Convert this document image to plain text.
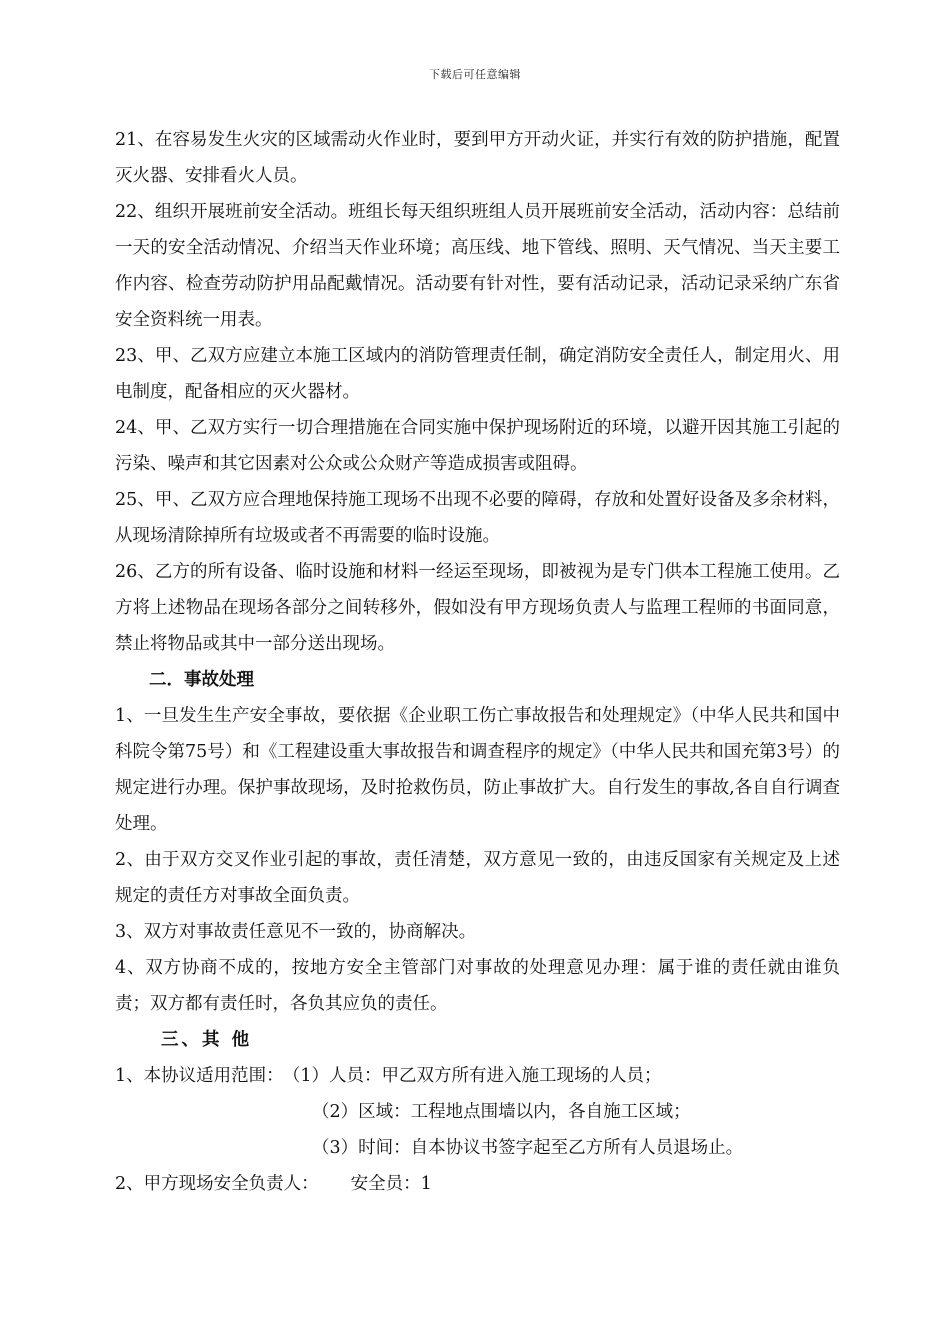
下载后可任意编辑

21、在容易发生火灾的区域需动火作业时，要到甲方开动火证，并实行有效的防护措施，配置灭火器、安排看火人员。

22、组织开展班前安全活动。班组长每天组织班组人员开展班前安全活动，活动内容：总结前一天的安全活动情况、介绍当天作业环境；高压线、地下管线、照明、天气情况、当天主要工作内容、检查劳动防护用品配戴情况。活动要有针对性，要有活动记录，活动记录采纳广东省安全资料统一用表。

23、甲、乙双方应建立本施工区域内的消防管理责任制，确定消防安全责任人，制定用火、用电制度，配备相应的灭火器材。

24、甲、乙双方实行一切合理措施在合同实施中保护现场附近的环境，以避开因其施工引起的污染、噪声和其它因素对公众或公众财产等造成损害或阻碍。

25、甲、乙双方应合理地保持施工现场不出现不必要的障碍，存放和处置好设备及多余材料，从现场清除掉所有垃圾或者不再需要的临时设施。

26、乙方的所有设备、临时设施和材料一经运至现场，即被视为是专门供本工程施工使用。乙方将上述物品在现场各部分之间转移外，假如没有甲方现场负责人与监理工程师的书面同意，禁止将物品或其中一部分送出现场。

二．事故处理

1、一旦发生生产安全事故，要依据《企业职工伤亡事故报告和处理规定》（中华人民共和国中科院令第75号）和《工程建设重大事故报告和调查程序的规定》（中华人民共和国充第3号）的规定进行办理。保护事故现场，及时抢救伤员，防止事故扩大。自行发生的事故,各自自行调查处理。

2、由于双方交叉作业引起的事故，责任清楚，双方意见一致的，由违反国家有关规定及上述规定的责任方对事故全面负责。

3、双方对事故责任意见不一致的，协商解决。

4、双方协商不成的，按地方安全主管部门对事故的处理意见办理：属于谁的责任就由谁负责；双方都有责任时，各负其应负的责任。

三、其 他

1、本协议适用范围： （1）人员：甲乙双方所有进入施工现场的人员；

（2）区域：工程地点围墙以内，各自施工区域；

（3）时间：自本协议书签字起至乙方所有人员退场止。

2、甲方现场安全负责人： 安全员：1
